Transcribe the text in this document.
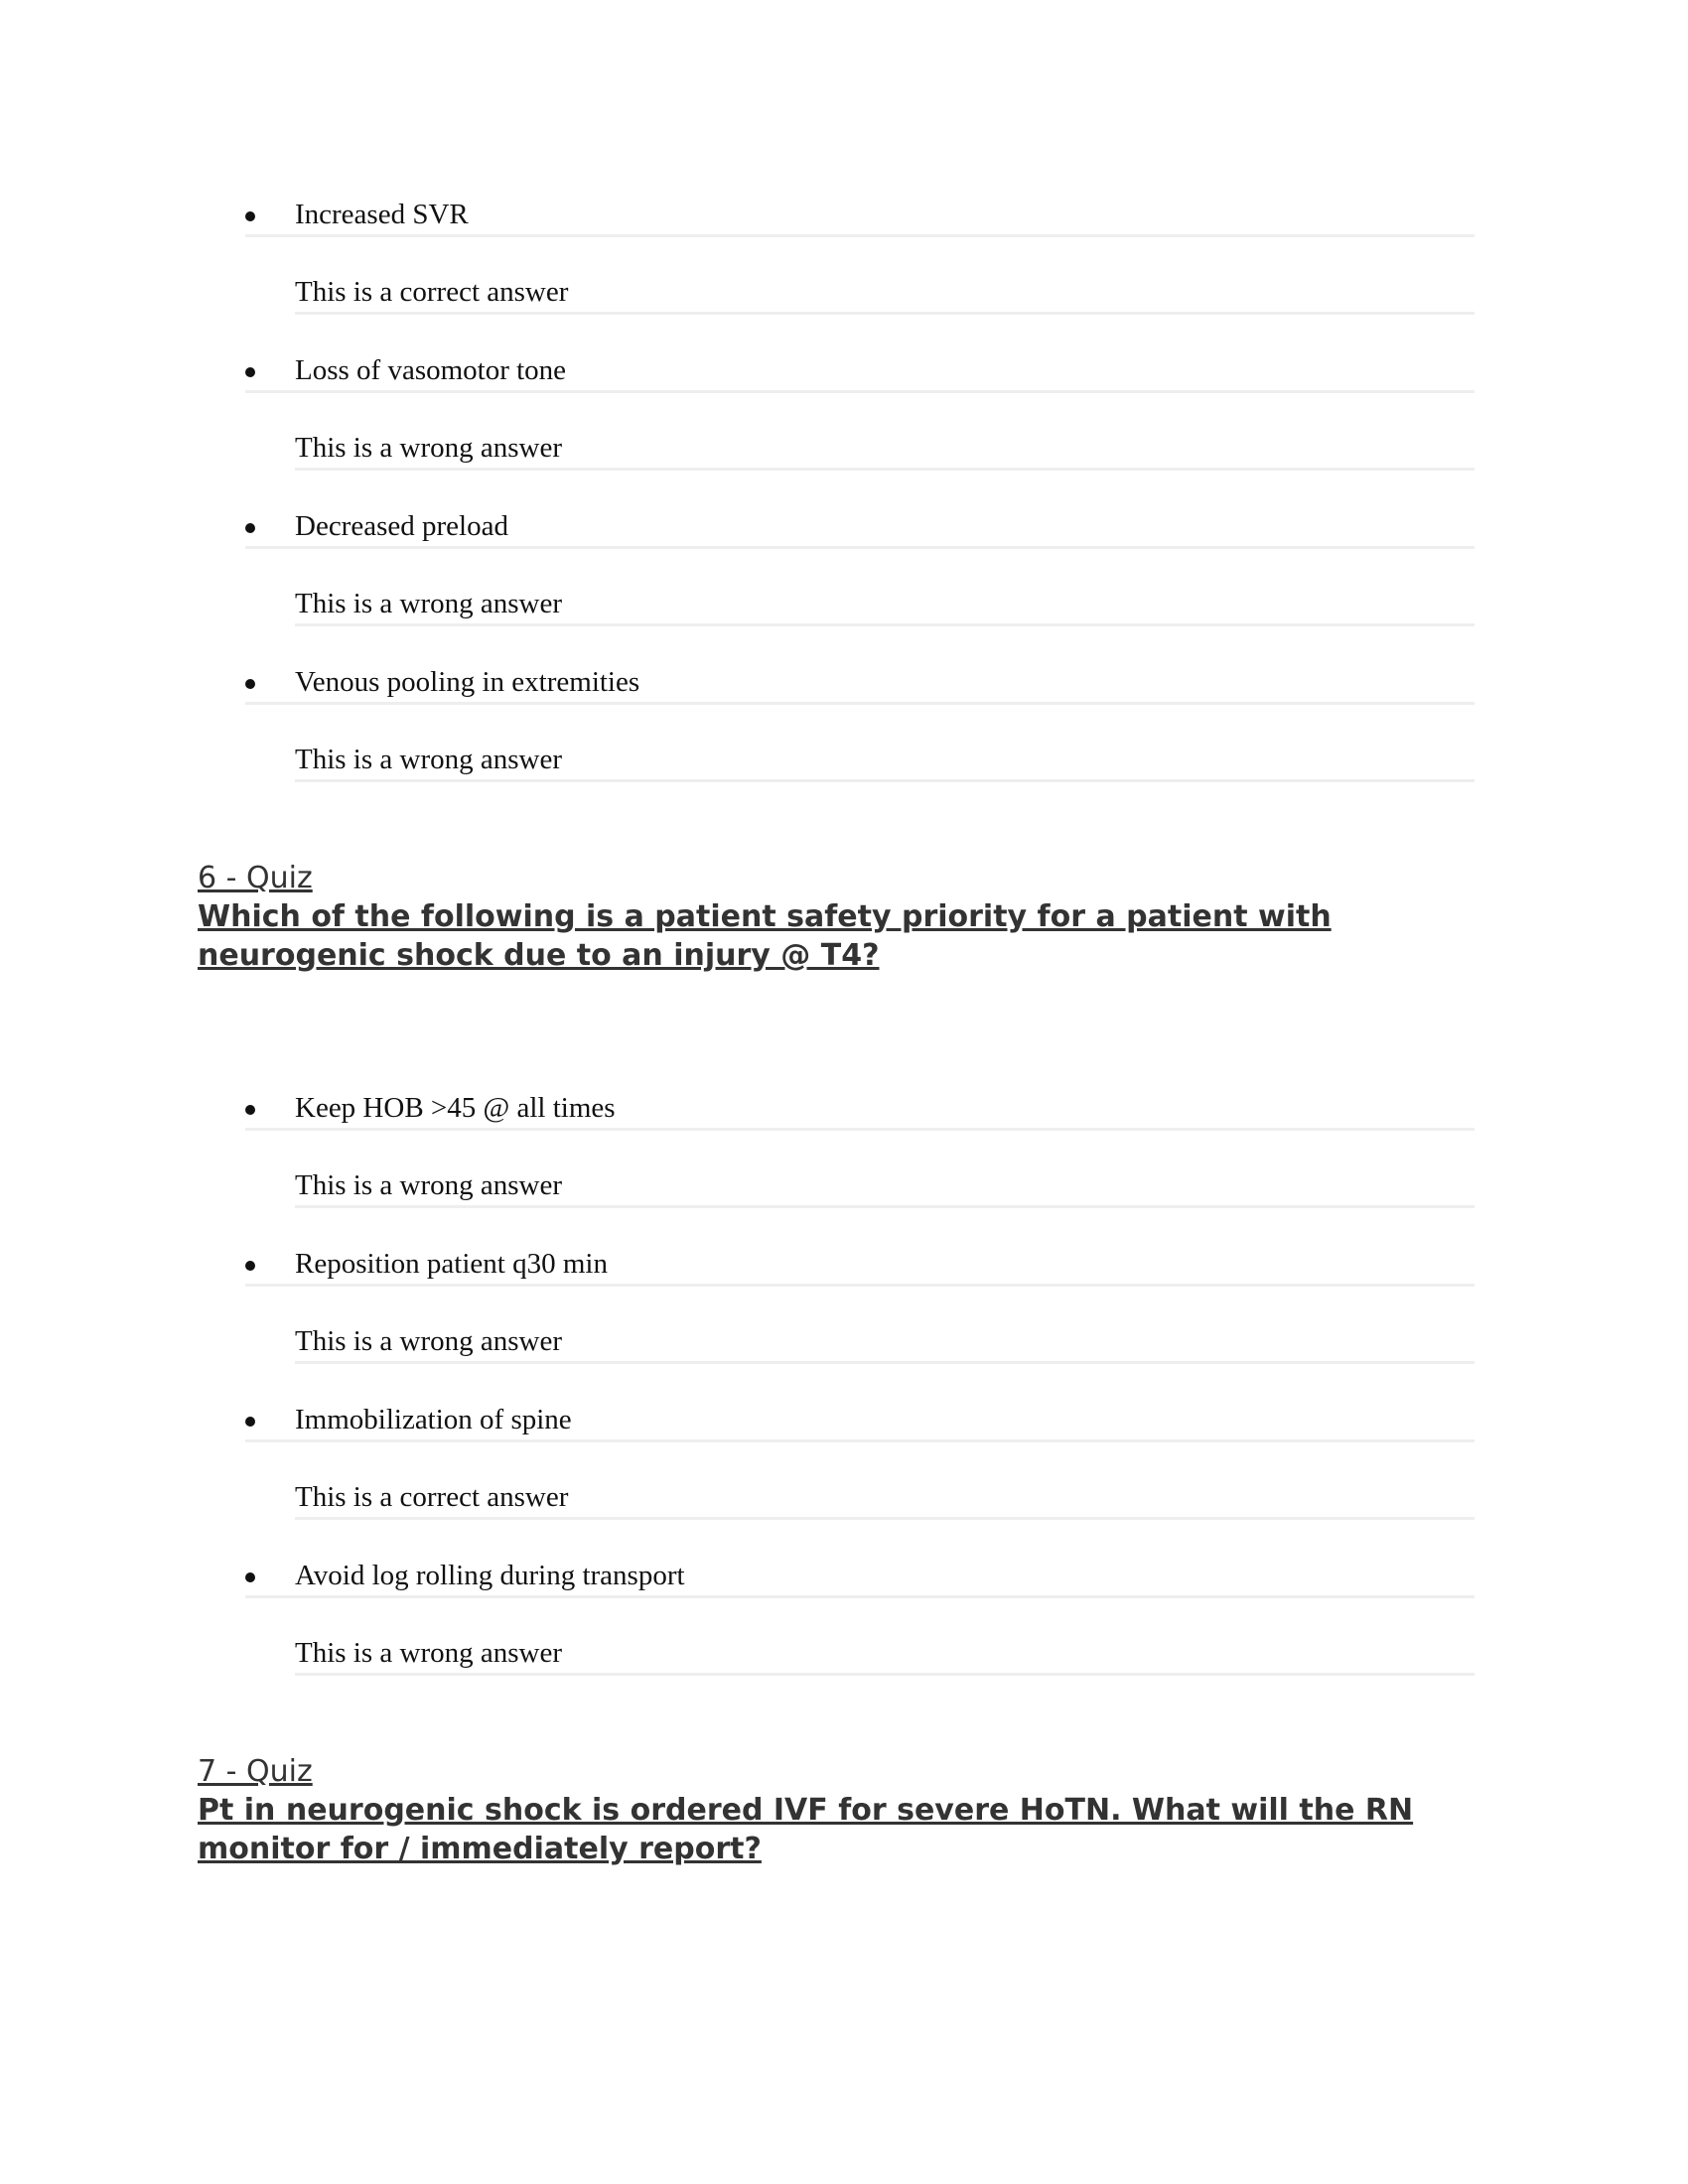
Increased SVR
This is a correct answer
Loss of vasomotor tone
This is a wrong answer
Decreased preload
This is a wrong answer
Venous pooling in extremities
This is a wrong answer
6 - Quiz
Which of the following is a patient safety priority for a patient with neurogenic shock due to an injury @ T4?
Keep HOB >45 @ all times
This is a wrong answer
Reposition patient q30 min
This is a wrong answer
Immobilization of spine
This is a correct answer
Avoid log rolling during transport
This is a wrong answer
7 - Quiz
Pt in neurogenic shock is ordered IVF for severe HoTN. What will the RN monitor for / immediately report?
